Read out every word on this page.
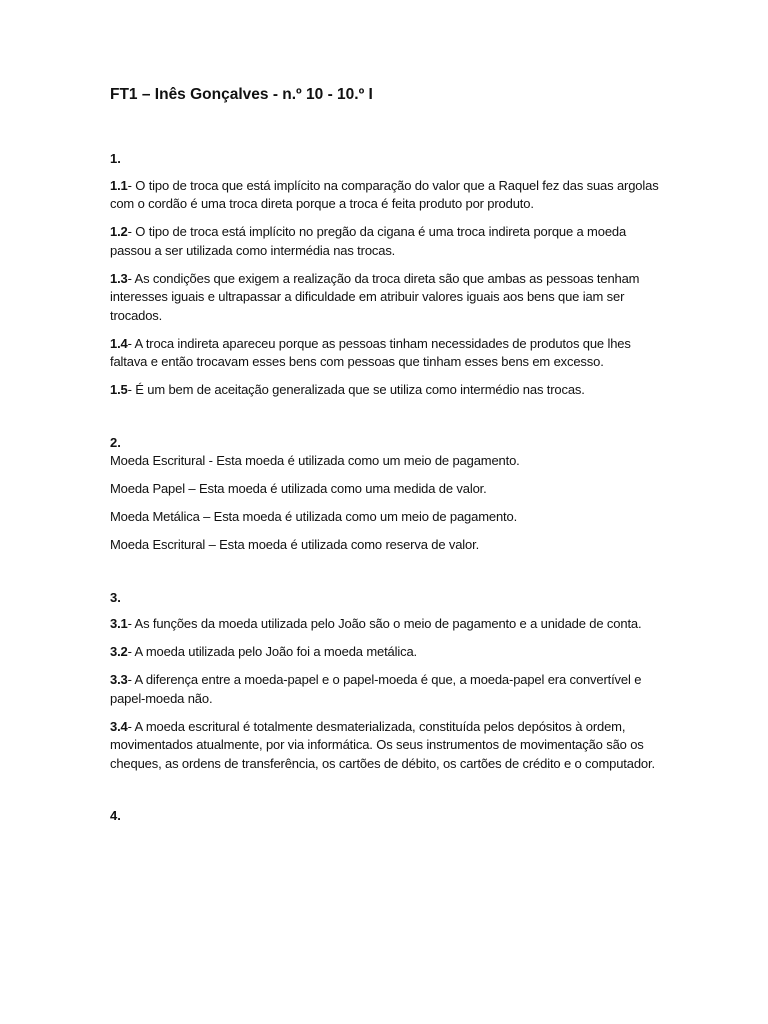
FT1 – Inês Gonçalves - n.º 10 - 10.º I
1.

1.1- O tipo de troca que está implícito na comparação do valor que a Raquel fez das suas argolas com o cordão é uma troca direta porque a troca é feita produto por produto.

1.2- O tipo de troca está implícito no pregão da cigana é uma troca indireta porque a moeda passou a ser utilizada como intermédia nas trocas.

1.3- As condições que exigem a realização da troca direta são que ambas as pessoas tenham interesses iguais e ultrapassar a dificuldade em atribuir valores iguais aos bens que iam ser trocados.

1.4- A troca indireta apareceu porque as pessoas tinham necessidades de produtos que lhes faltava e então trocavam esses bens com pessoas que tinham esses bens em excesso.

1.5- É um bem de aceitação generalizada que se utiliza como intermédio nas trocas.

2.

Moeda Escritural - Esta moeda é utilizada como um meio de pagamento.

Moeda Papel – Esta moeda é utilizada como uma medida de valor.

Moeda Metálica – Esta moeda é utilizada como um meio de pagamento.

Moeda Escritural – Esta moeda é utilizada como reserva de valor.

3.

3.1- As funções da moeda utilizada pelo João são o meio de pagamento e a unidade de conta.

3.2- A moeda utilizada pelo João foi a moeda metálica.

3.3- A diferença entre a moeda-papel e o papel-moeda é que, a moeda-papel era convertível e papel-moeda não.

3.4- A moeda escritural é totalmente desmaterializada, constituída pelos depósitos à ordem, movimentados atualmente, por via informática. Os seus instrumentos de movimentação são os cheques, as ordens de transferência, os cartões de débito, os cartões de crédito e o computador.

4.
